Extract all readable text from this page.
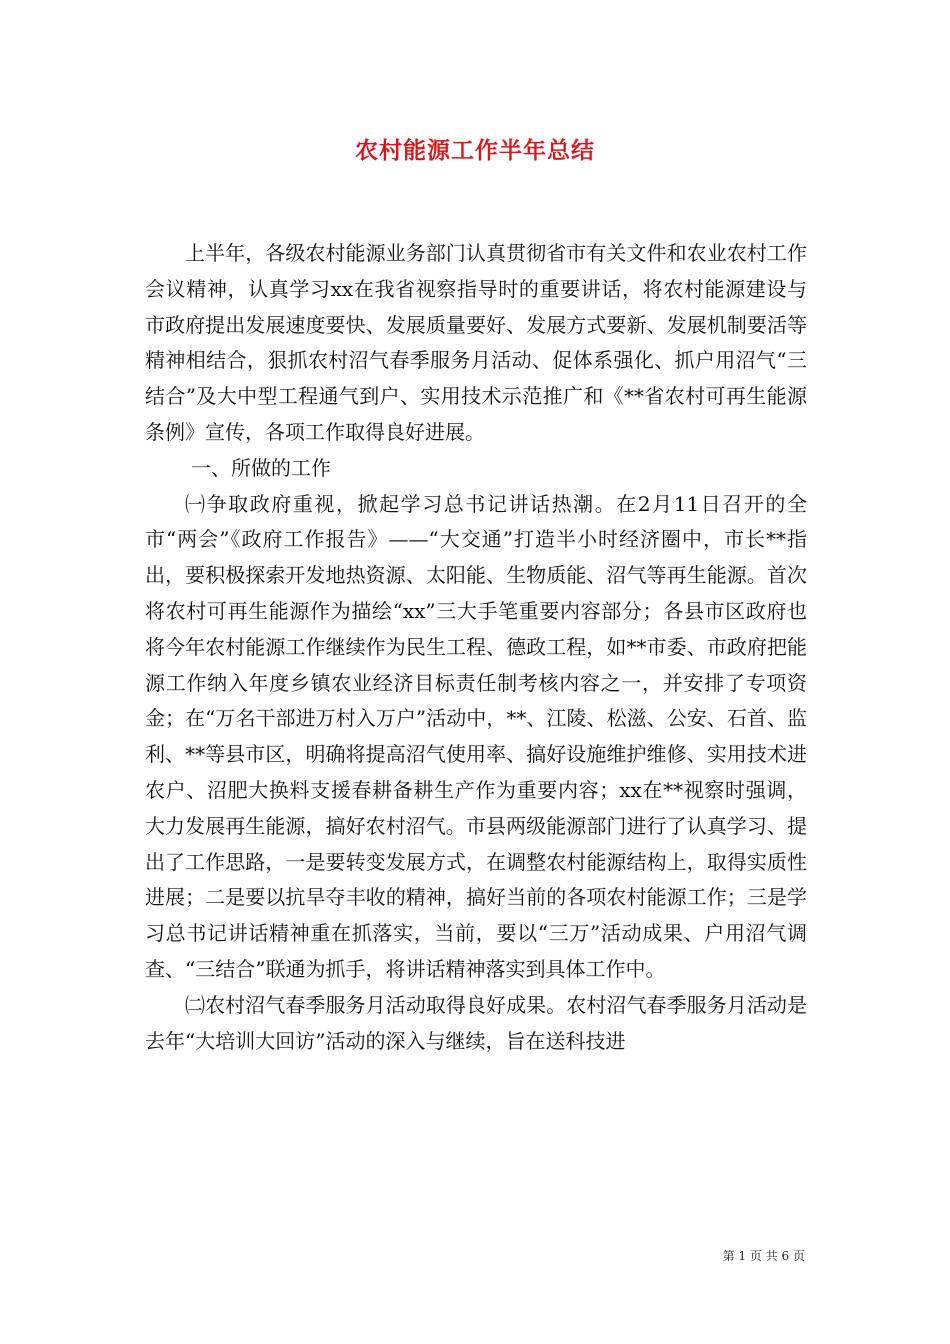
农村能源工作半年总结

上半年，各级农村能源业务部门认真贯彻省市有关文件和农业农村工作会议精神，认真学习xx在我省视察指导时的重要讲话，将农村能源建设与市政府提出发展速度要快、发展质量要好、发展方式要新、发展机制要活等精神相结合，狠抓农村沼气春季服务月活动、促体系强化、抓户用沼气“三结合”及大中型工程通气到户、实用技术示范推广和《**省农村可再生能源条例》宣传，各项工作取得良好进展。

一、所做的工作

㈠争取政府重视，掀起学习总书记讲话热潮。在2月11日召开的全市“两会”《政府工作报告》——“大交通”打造半小时经济圈中，市长**指出，要积极探索开发地热资源、太阳能、生物质能、沼气等再生能源。首次将农村可再生能源作为描绘“xx”三大手笔重要内容部分；各县市区政府也将今年农村能源工作继续作为民生工程、德政工程，如**市委、市政府把能源工作纳入年度乡镇农业经济目标责任制考核内容之一，并安排了专项资金；在“万名干部进万村入万户”活动中，**、江陵、松滋、公安、石首、监利、**等县市区，明确将提高沼气使用率、搞好设施维护维修、实用技术进农户、沼肥大换料支援春耕备耕生产作为重要内容；xx在**视察时强调，大力发展再生能源，搞好农村沼气。市县两级能源部门进行了认真学习、提出了工作思路，一是要转变发展方式，在调整农村能源结构上，取得实质性进展；二是要以抗旱夺丰收的精神，搞好当前的各项农村能源工作；三是学习总书记讲话精神重在抓落实，当前，要以“三万”活动成果、户用沼气调查、“三结合”联通为抓手，将讲话精神落实到具体工作中。

㈡农村沼气春季服务月活动取得良好成果。农村沼气春季服务月活动是去年“大培训大回访”活动的深入与继续，旨在送科技进

第 1 页 共 6 页
